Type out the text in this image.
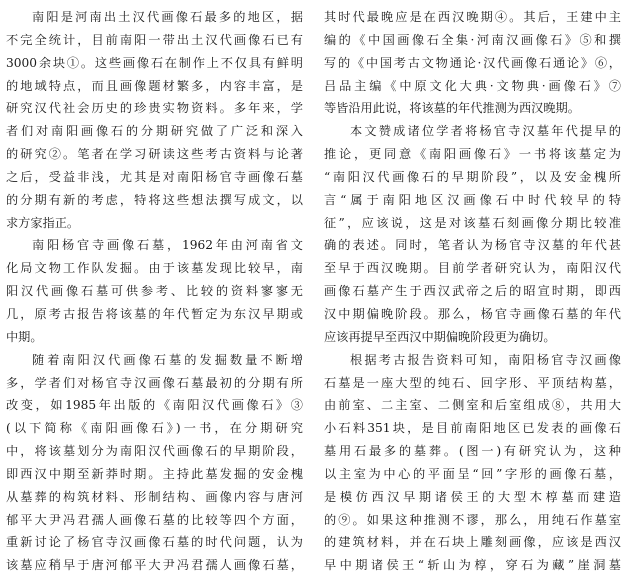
南阳是河南出土汉代画像石最多的地区，据
不完全统计，目前南阳一带出土汉代画像石已有
3000余块①。这些画像石在制作上不仅具有鲜明
的地域特点，而且画像题材繁多，内容丰富，是
研究汉代社会历史的珍贵实物资料。多年来，学
者们对南阳画像石的分期研究做了广泛和深入
的研究②。笔者在学习研读这些考古资料与论著
之后，受益非浅，尤其是对南阳杨官寺画像石墓
的分期有新的考虑，特将这些想法撰写成文，以
求方家指正。
南阳杨官寺画像石墓，1962年由河南省文
化局文物工作队发掘。由于该墓发现比较早，南
阳汉代画像石墓可供参考、比较的资料寥寥无
几，原考古报告将该墓的年代暂定为东汉早期或
中期。
随着南阳汉代画像石墓的发掘数量不断增
多，学者们对杨官寺汉画像石墓最初的分期有所
改变，如1985年出版的《南阳汉代画像石》③
(以下简称《南阳画像石》)一书，在分期研究
中，将该墓划分为南阳汉代画像石的早期阶段，
即西汉中期至新莽时期。主持此墓发掘的安金槐
从墓葬的构筑材料、形制结构、画像内容与唐河
郁平大尹冯君孺人画像石墓的比较等四个方面，
重新讨论了杨官寺汉画像石墓的时代问题，认为
该墓应稍早于唐河郁平大尹冯君孺人画像石墓，
其时代最晚应是在西汉晚期④。其后，王建中主
编的《中国画像石全集·河南汉画像石》⑤和撰
写的《中国考古文物通论·汉代画像石通论》⑥，
吕品主编《中原文化大典·文物典·画像石》⑦
等皆沿用此说，将该墓的年代推测为西汉晚期。
本文赞成诸位学者将杨官寺汉墓年代提早的
推论，更同意《南阳画像石》一书将该墓定为
“南阳汉代画像石的早期阶段”，以及安金槐所
言“属于南阳地区汉画像石中时代较早的特
征”，应该说，这是对该墓石刻画像分期比较准
确的表述。同时，笔者认为杨官寺汉墓的年代甚
至早于西汉晚期。目前学者研究认为，南阳汉代
画像石墓产生于西汉武帝之后的昭宣时期，即西
汉中期偏晚阶段。那么，杨官寺画像石墓的年代
应该再提早至西汉中期偏晚阶段更为确切。
根据考古报告资料可知，南阳杨官寺汉画像
石墓是一座大型的纯石、回字形、平顶结构墓，
由前室、二主室、二侧室和后室组成⑧，共用大
小石料351块，是目前南阳地区已发表的画像石
墓用石最多的墓葬。(图一)有研究认为，这种
以主室为中心的平面呈“回”字形的画像石墓，
是模仿西汉早期诸侯王的大型木椁墓而建造
的⑨。如果这种推测不谬，那么，用纯石作墓室
的建筑材料，并在石块上雕刻画像，应该是西汉
早中期诸侯王“斩山为椁，穿石为藏”崖洞墓
